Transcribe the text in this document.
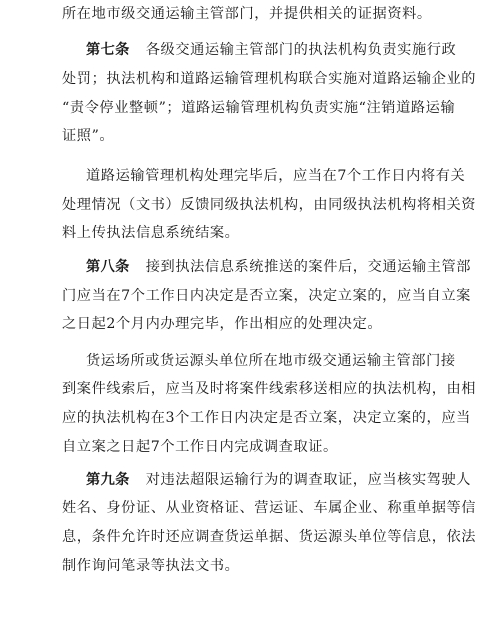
所在地市级交通运输主管部门，并提供相关的证据资料。
第七条 各级交通运输主管部门的执法机构负责实施行政
处罚；执法机构和道路运输管理机构联合实施对道路运输企业的
“责令停业整顿”；道路运输管理机构负责实施“注销道路运输
证照”。
道路运输管理机构处理完毕后，应当在7个工作日内将有关
处理情况（文书）反馈同级执法机构，由同级执法机构将相关资
料上传执法信息系统结案。
第八条 接到执法信息系统推送的案件后，交通运输主管部
门应当在7个工作日内决定是否立案，决定立案的，应当自立案
之日起2个月内办理完毕，作出相应的处理决定。
货运场所或货运源头单位所在地市级交通运输主管部门接
到案件线索后，应当及时将案件线索移送相应的执法机构，由相
应的执法机构在3个工作日内决定是否立案，决定立案的，应当
自立案之日起7个工作日内完成调查取证。
第九条 对违法超限运输行为的调查取证，应当核实驾驶人
姓名、身份证、从业资格证、营运证、车属企业、称重单据等信
息，条件允许时还应调查货运单据、货运源头单位等信息，依法
制作询问笔录等执法文书。
